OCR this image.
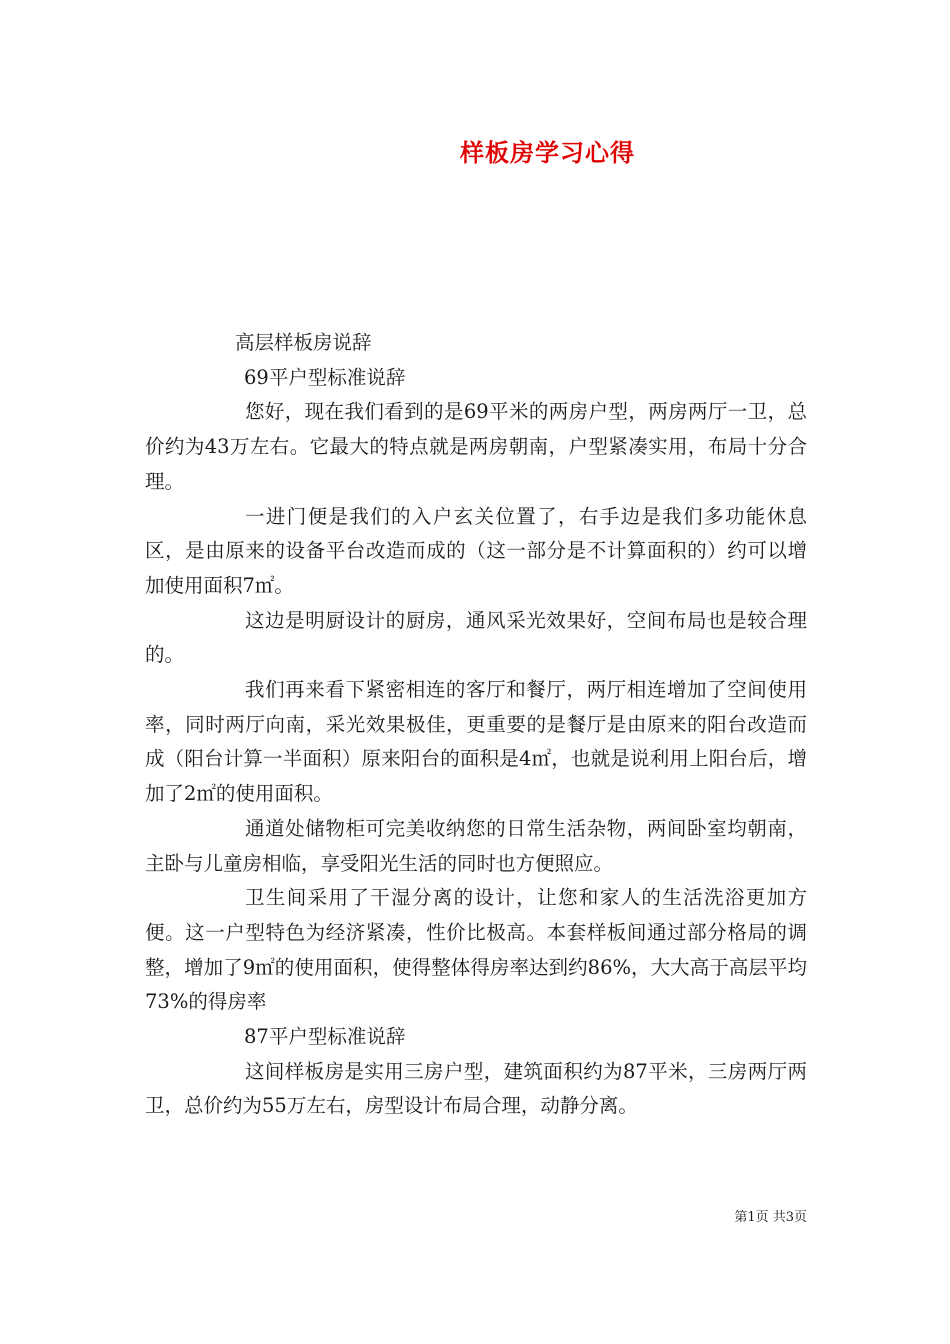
样板房学习心得

高层样板房说辞

69平户型标准说辞

您好，现在我们看到的是69平米的两房户型，两房两厅一卫，总价约为43万左右。它最大的特点就是两房朝南，户型紧凑实用，布局十分合理。

一进门便是我们的入户玄关位置了，右手边是我们多功能休息区，是由原来的设备平台改造而成的（这一部分是不计算面积的）约可以增加使用面积7㎡。

这边是明厨设计的厨房，通风采光效果好，空间布局也是较合理的。

我们再来看下紧密相连的客厅和餐厅，两厅相连增加了空间使用率，同时两厅向南，采光效果极佳，更重要的是餐厅是由原来的阳台改造而成（阳台计算一半面积）原来阳台的面积是4㎡，也就是说利用上阳台后，增加了2㎡的使用面积。

通道处储物柜可完美收纳您的日常生活杂物，两间卧室均朝南，主卧与儿童房相临，享受阳光生活的同时也方便照应。

卫生间采用了干湿分离的设计，让您和家人的生活洗浴更加方便。这一户型特色为经济紧凑，性价比极高。本套样板间通过部分格局的调整，增加了9㎡的使用面积，使得整体得房率达到约86%，大大高于高层平均73%的得房率

87平户型标准说辞

这间样板房是实用三房户型，建筑面积约为87平米，三房两厅两卫，总价约为55万左右，房型设计布局合理，动静分离。

第1页 共3页
